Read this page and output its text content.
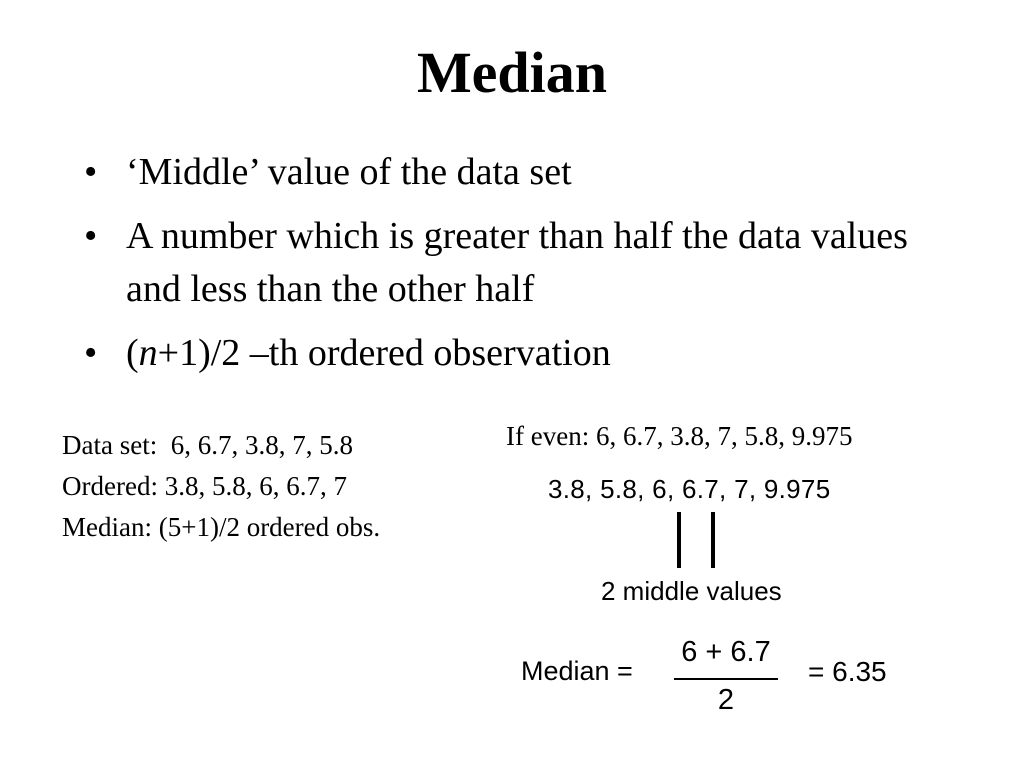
Median
•
‘Middle’ value of the data set
•
A number which is greater than half the data values and less than the other half
•
(n+1)/2 –th ordered observation
Data set:  6, 6.7, 3.8, 7, 5.8
Ordered: 3.8, 5.8, 6, 6.7, 7
Median: (5+1)/2 ordered obs.
If even: 6, 6.7, 3.8, 7, 5.8, 9.975
3.8, 5.8, 6, 6.7, 7, 9.975
2 middle values
Median =
6 + 6.7
2
= 6.35
